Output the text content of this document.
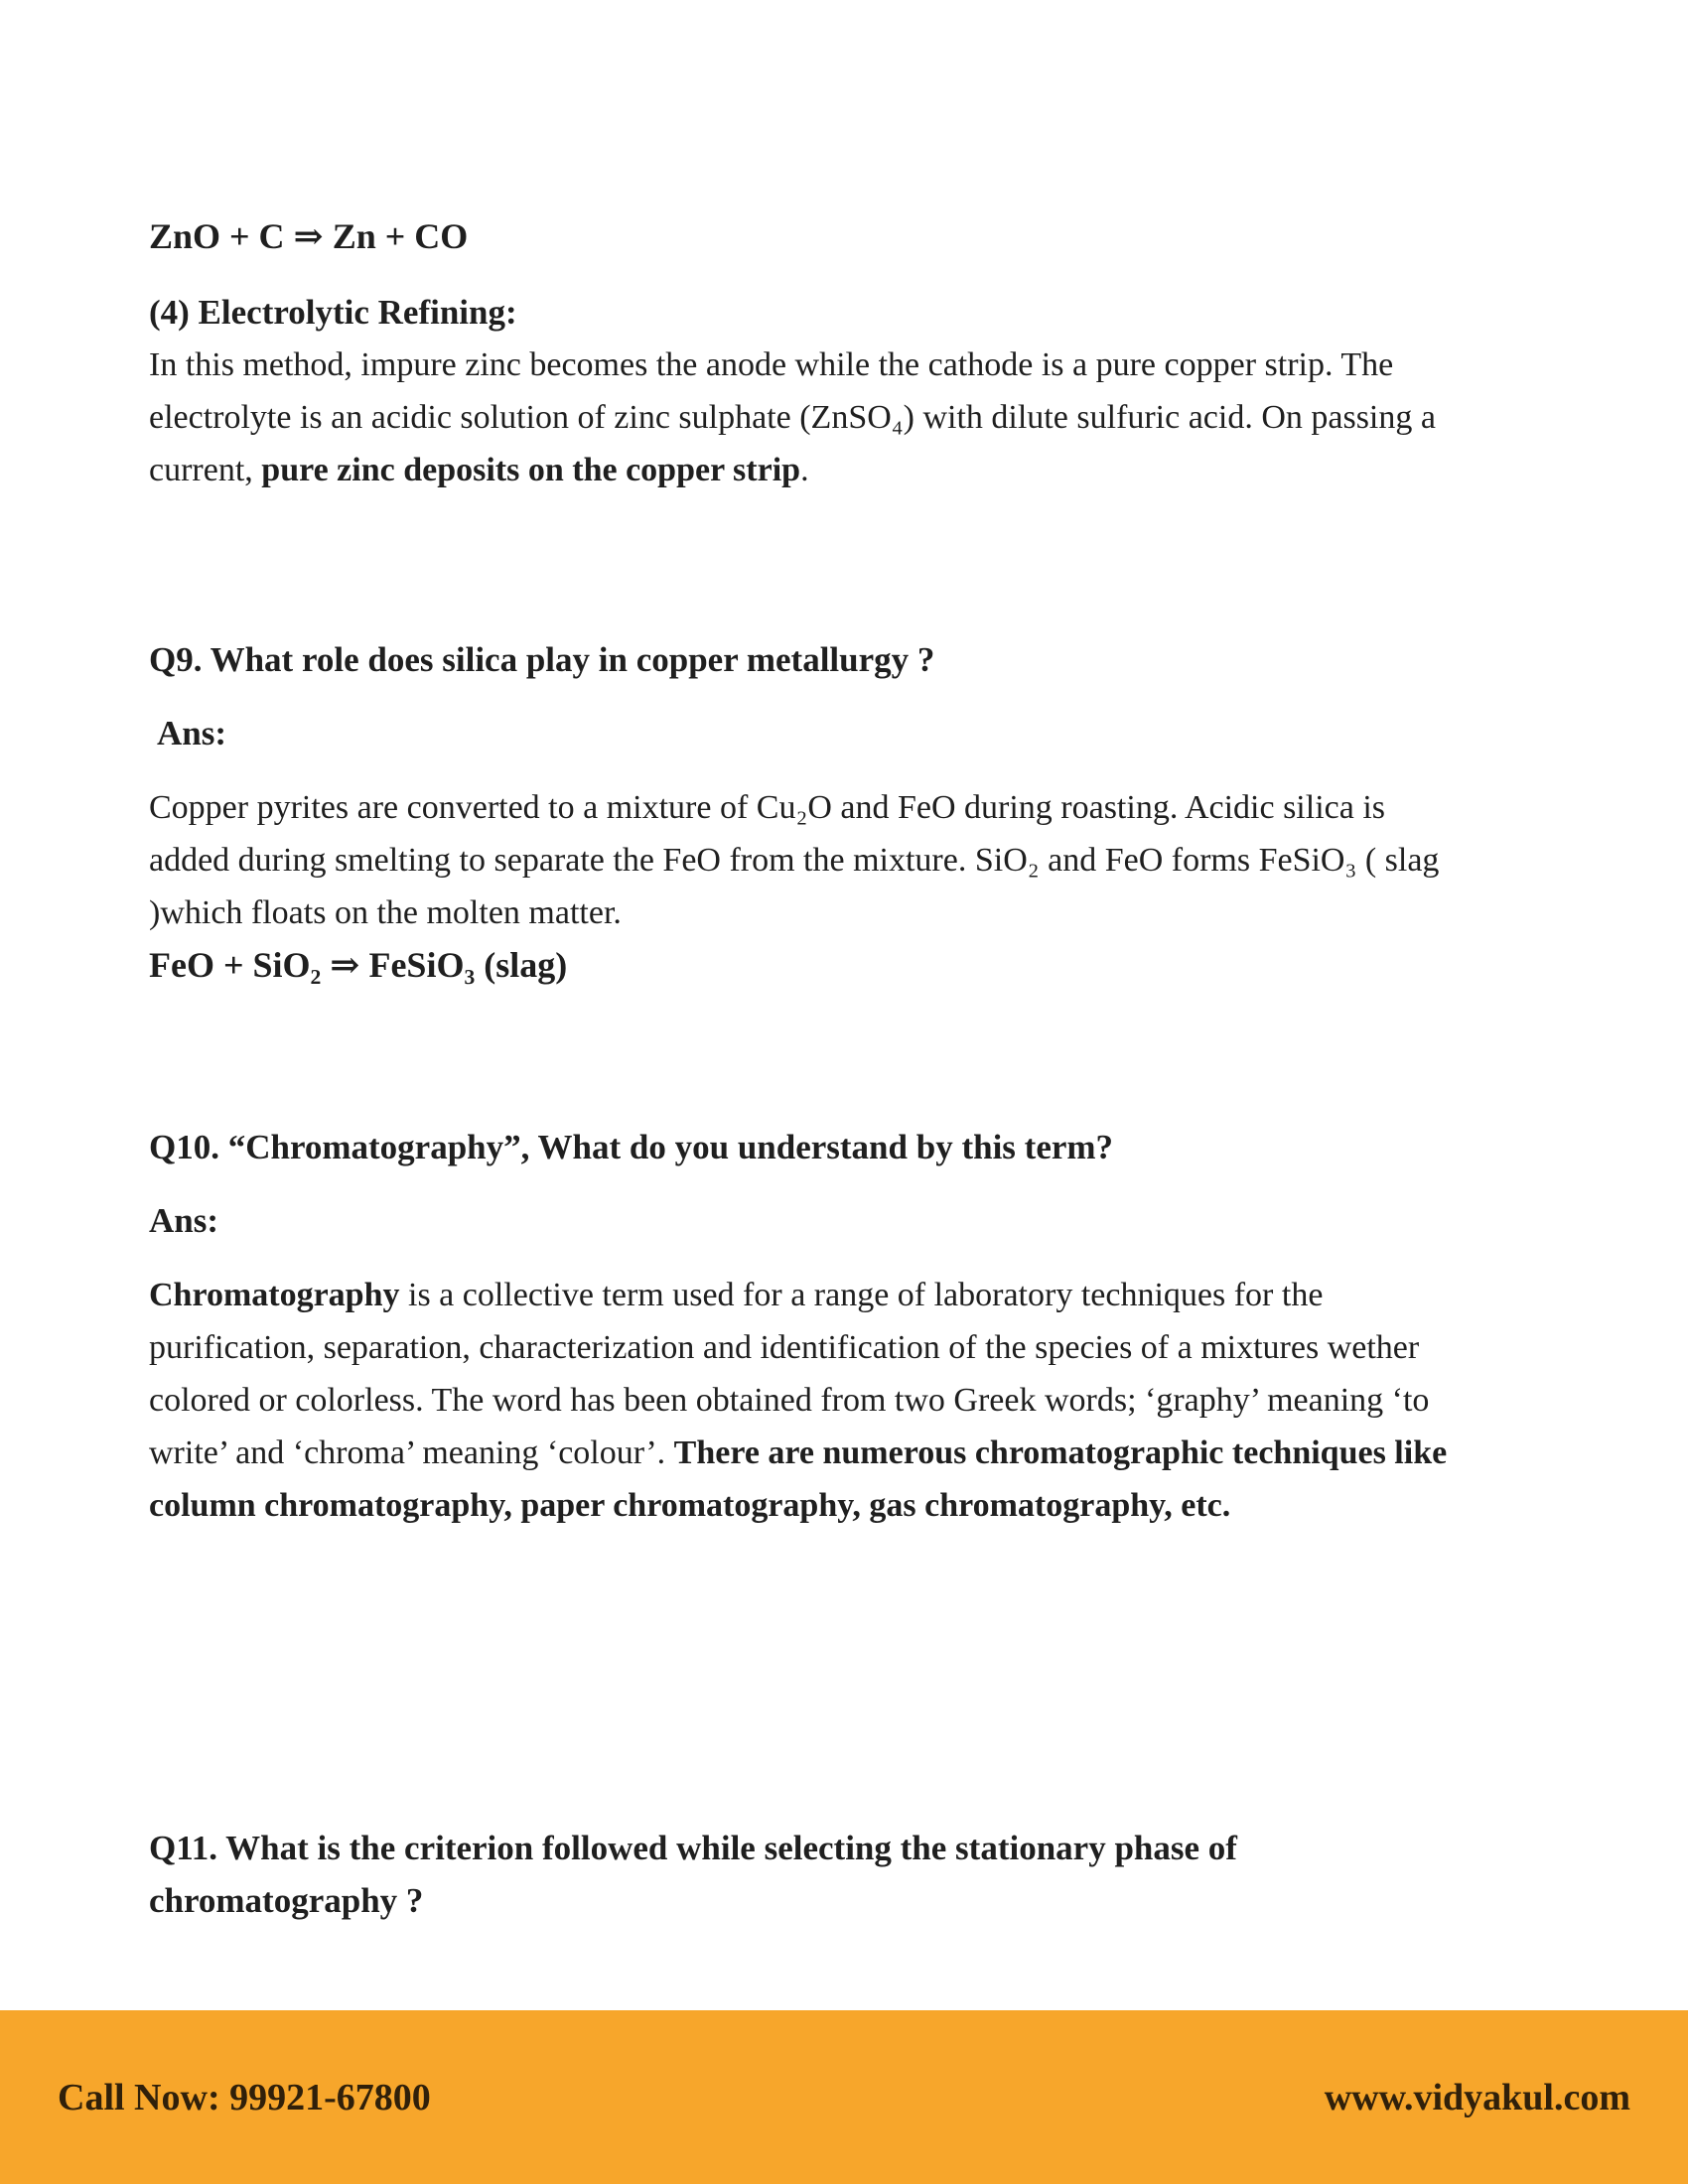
ZnO + C ⇒ Zn + CO
(4) Electrolytic Refining:

In this method, impure zinc becomes the anode while the cathode is a pure copper strip. The electrolyte is an acidic solution of zinc sulphate (ZnSO₄) with dilute sulfuric acid. On passing a current, pure zinc deposits on the copper strip.

Q9. What role does silica play in copper metallurgy ?
Ans:

Copper pyrites are converted to a mixture of Cu₂O and FeO during roasting. Acidic silica is added during smelting to separate the FeO from the mixture. SiO₂ and FeO forms FeSiO₃ ( slag )which floats on the molten matter.

FeO + SiO₂ ⇒ FeSiO₃ (slag)
Q10. “Chromatography”, What do you understand by this term?
Ans:

Chromatography is a collective term used for a range of laboratory techniques for the purification, separation, characterization and identification of the species of a mixtures wether colored or colorless. The word has been obtained from two Greek words; ‘graphy’ meaning ‘to write’ and ‘chroma’ meaning ‘colour’. There are numerous chromatographic techniques like column chromatography, paper chromatography, gas chromatography, etc.

Q11. What is the criterion followed while selecting the stationary phase of chromatography ?
Call Now: 99921-67800	www.vidyakul.com
